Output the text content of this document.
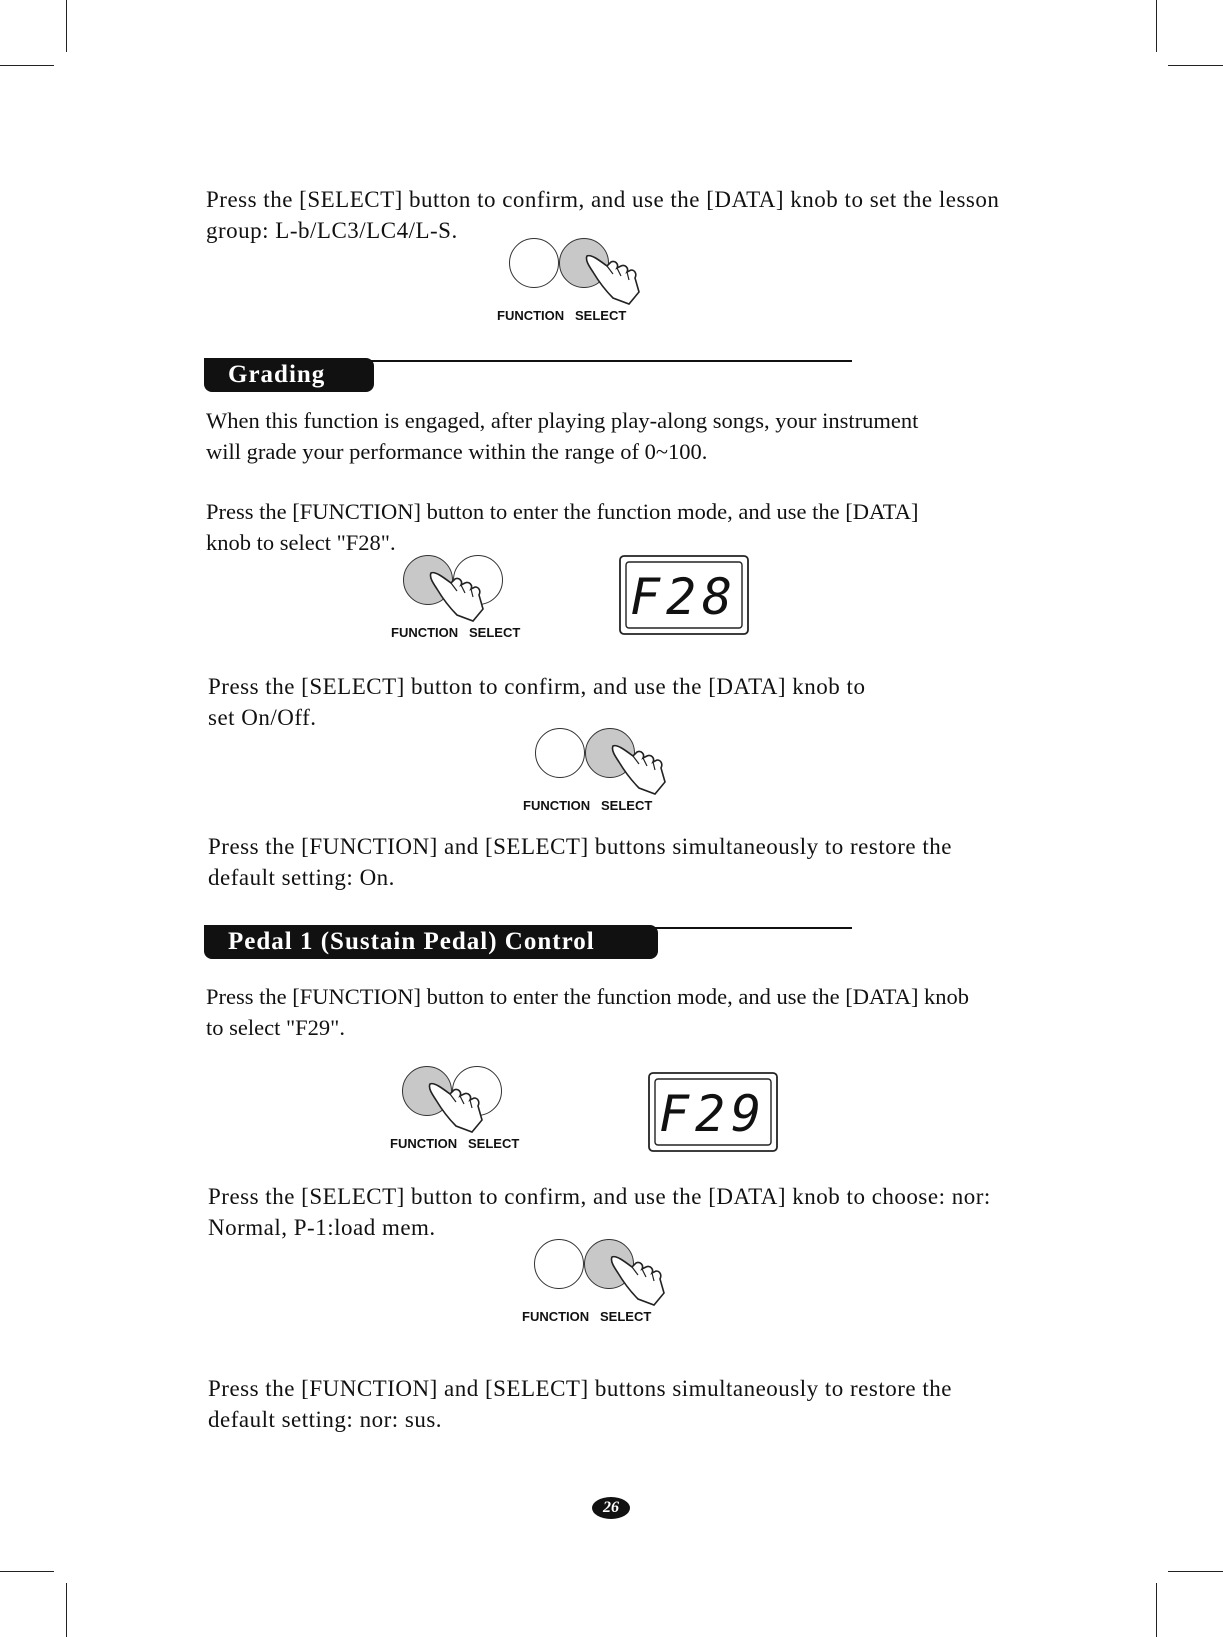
Press the [SELECT] button to confirm, and use the [DATA] knob to set the lesson
group: L-b/LC3/LC4/L-S.

FUNCTION SELECT
Grading

When this function is engaged, after playing play-along songs, your instrument
will grade your performance within the range of 0~100.

Press the [FUNCTION] button to enter the function mode, and use the [DATA]
knob to select "F28".

FUNCTION SELECT
F28

Press the [SELECT] button to confirm, and use the [DATA] knob to
set On/Off.

FUNCTION SELECT

Press the [FUNCTION] and [SELECT] buttons simultaneously to restore the
default setting: On.

Pedal 1 (Sustain Pedal) Control

Press the [FUNCTION] button to enter the function mode, and use the [DATA] knob
to select "F29".

FUNCTION SELECT
F29

Press the [SELECT] button to confirm, and use the [DATA] knob to choose: nor:
Normal, P-1:load mem.

FUNCTION SELECT

Press the [FUNCTION] and [SELECT] buttons simultaneously to restore the
default setting: nor: sus.

26
